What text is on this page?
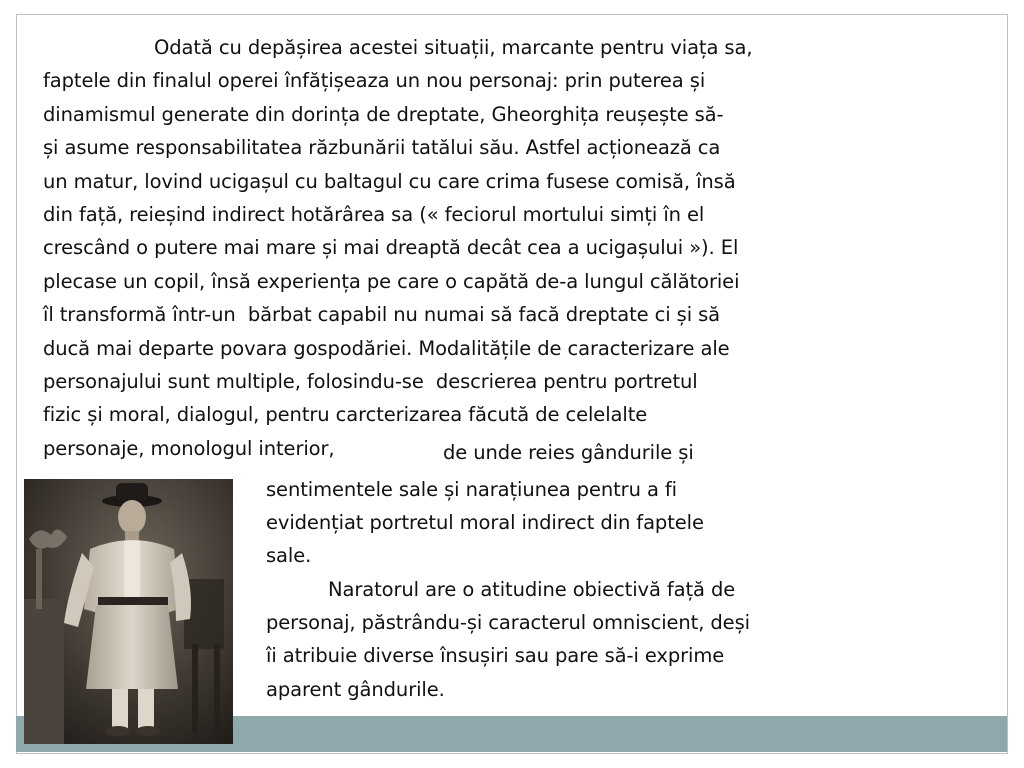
Odată cu depășirea acestei situații, marcante pentru viața sa,
faptele din finalul operei înfățișeaza un nou personaj: prin puterea și
dinamismul generate din dorința de dreptate, Gheorghița reușește să-
și asume responsabilitatea răzbunării tatălui său. Astfel acționează ca
un matur, lovind ucigașul cu baltagul cu care crima fusese comisă, însă
din față, reieșind indirect hotărârea sa (« feciorul mortului simți în el
crescând o putere mai mare și mai dreaptă decât cea a ucigașului »). El
plecase un copil, însă experiența pe care o capătă de-a lungul călătoriei
îl transformă într-un  bărbat capabil nu numai să facă dreptate ci și să
ducă mai departe povara gospodăriei. Modalitățile de caracterizare ale
personajului sunt multiple, folosindu-se  descrierea pentru portretul
fizic și moral, dialogul, pentru carcterizarea făcută de celelalte
personaje, monologul interior,	de unde reies gândurile și
sentimentele sale și narațiunea pentru a fi
evidențiat portretul moral indirect din faptele
sale.
Naratorul are o atitudine obiectivă față de
personaj, păstrându-și caracterul omniscient, deși
îi atribuie diverse însușiri sau pare să-i exprime
aparent gândurile.
